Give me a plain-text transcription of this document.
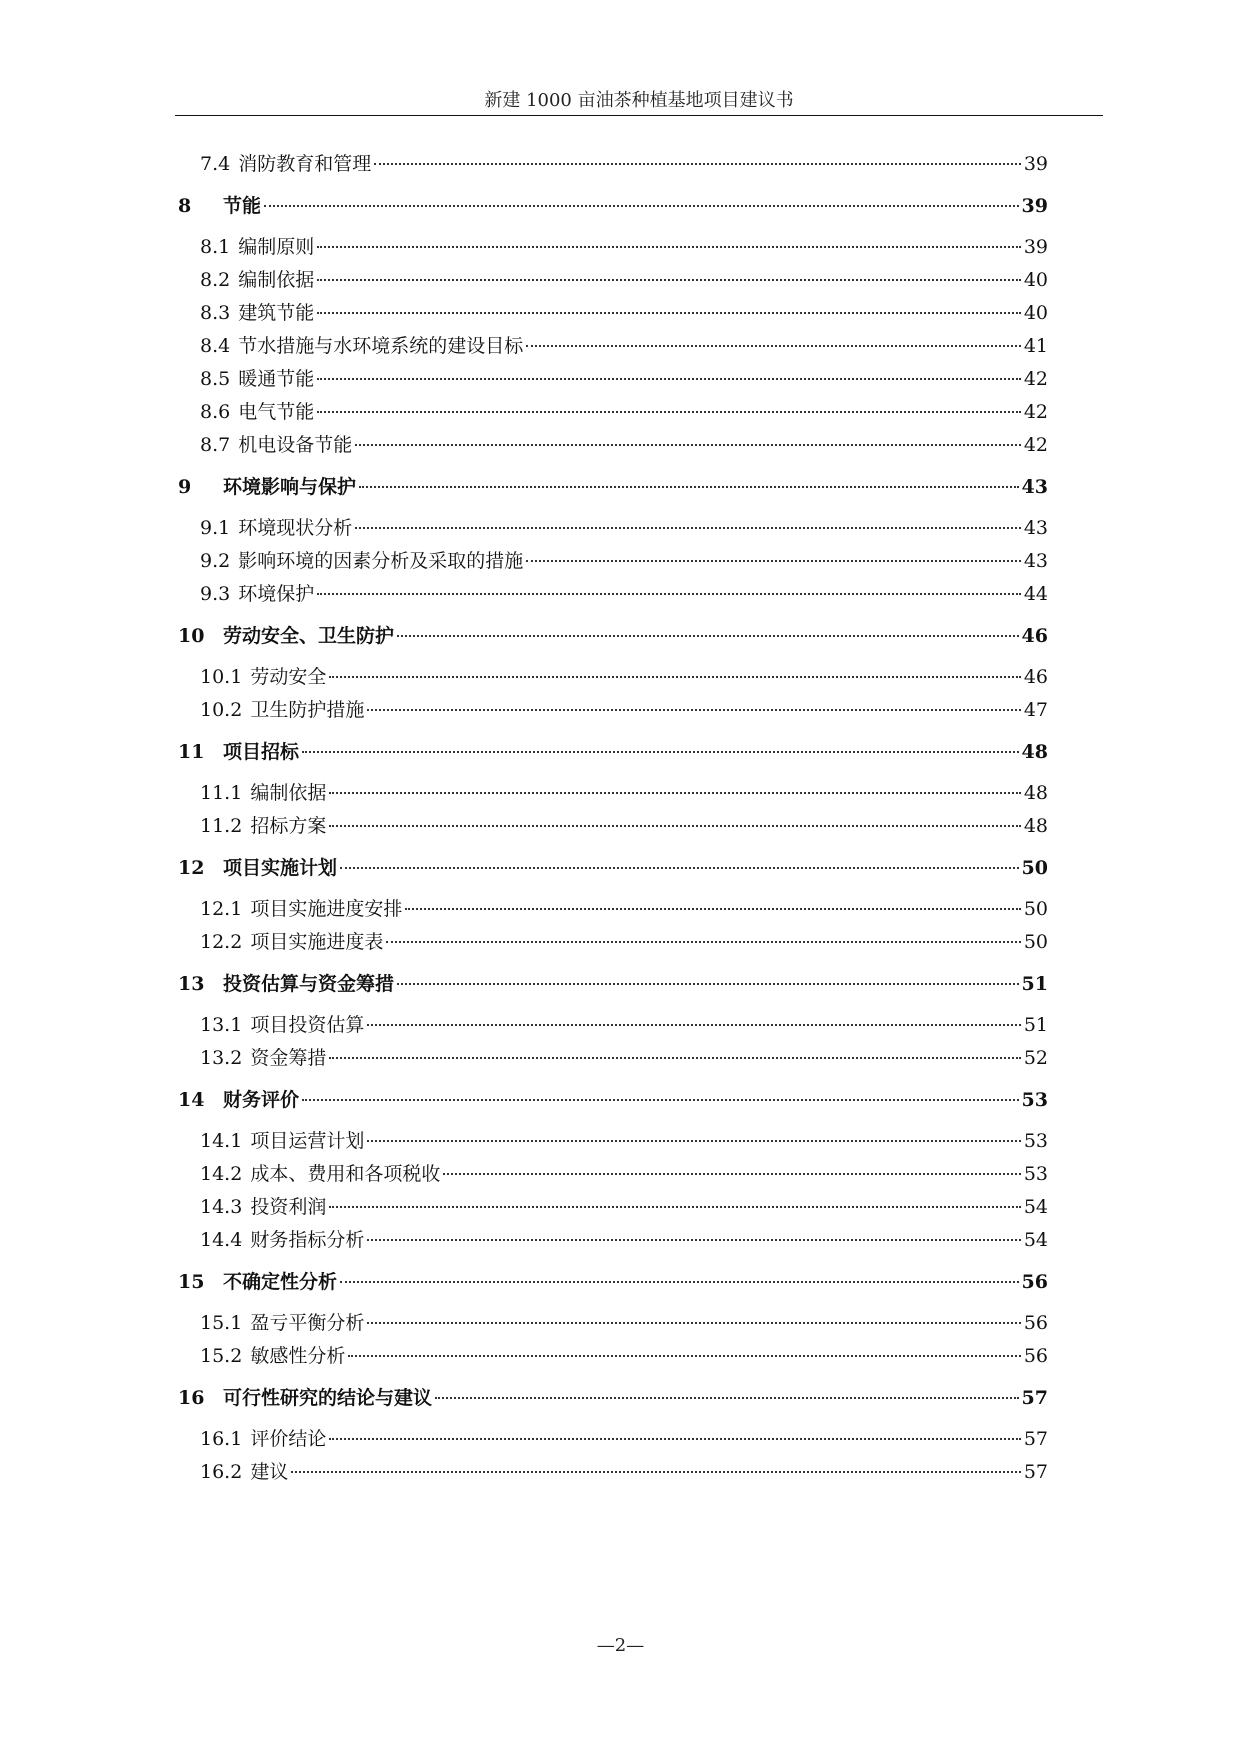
新建 1000 亩油茶种植基地项目建议书
7.4 消防教育和管理	39
8	节能	39
8.1 编制原则	39
8.2 编制依据	40
8.3 建筑节能	40
8.4 节水措施与水环境系统的建设目标	41
8.5 暖通节能	42
8.6 电气节能	42
8.7 机电设备节能	42
9	环境影响与保护	43
9.1 环境现状分析	43
9.2 影响环境的因素分析及采取的措施	43
9.3 环境保护	44
10 劳动安全、卫生防护	46
10.1 劳动安全	46
10.2 卫生防护措施	47
11 项目招标	48
11.1 编制依据	48
11.2 招标方案	48
12 项目实施计划	50
12.1 项目实施进度安排	50
12.2 项目实施进度表	50
13 投资估算与资金筹措	51
13.1 项目投资估算	51
13.2 资金筹措	52
14 财务评价	53
14.1 项目运营计划	53
14.2 成本、费用和各项税收	53
14.3 投资利润	54
14.4 财务指标分析	54
15 不确定性分析	56
15.1 盈亏平衡分析	56
15.2 敏感性分析	56
16 可行性研究的结论与建议	57
16.1 评价结论	57
16.2 建议	57
—2—
